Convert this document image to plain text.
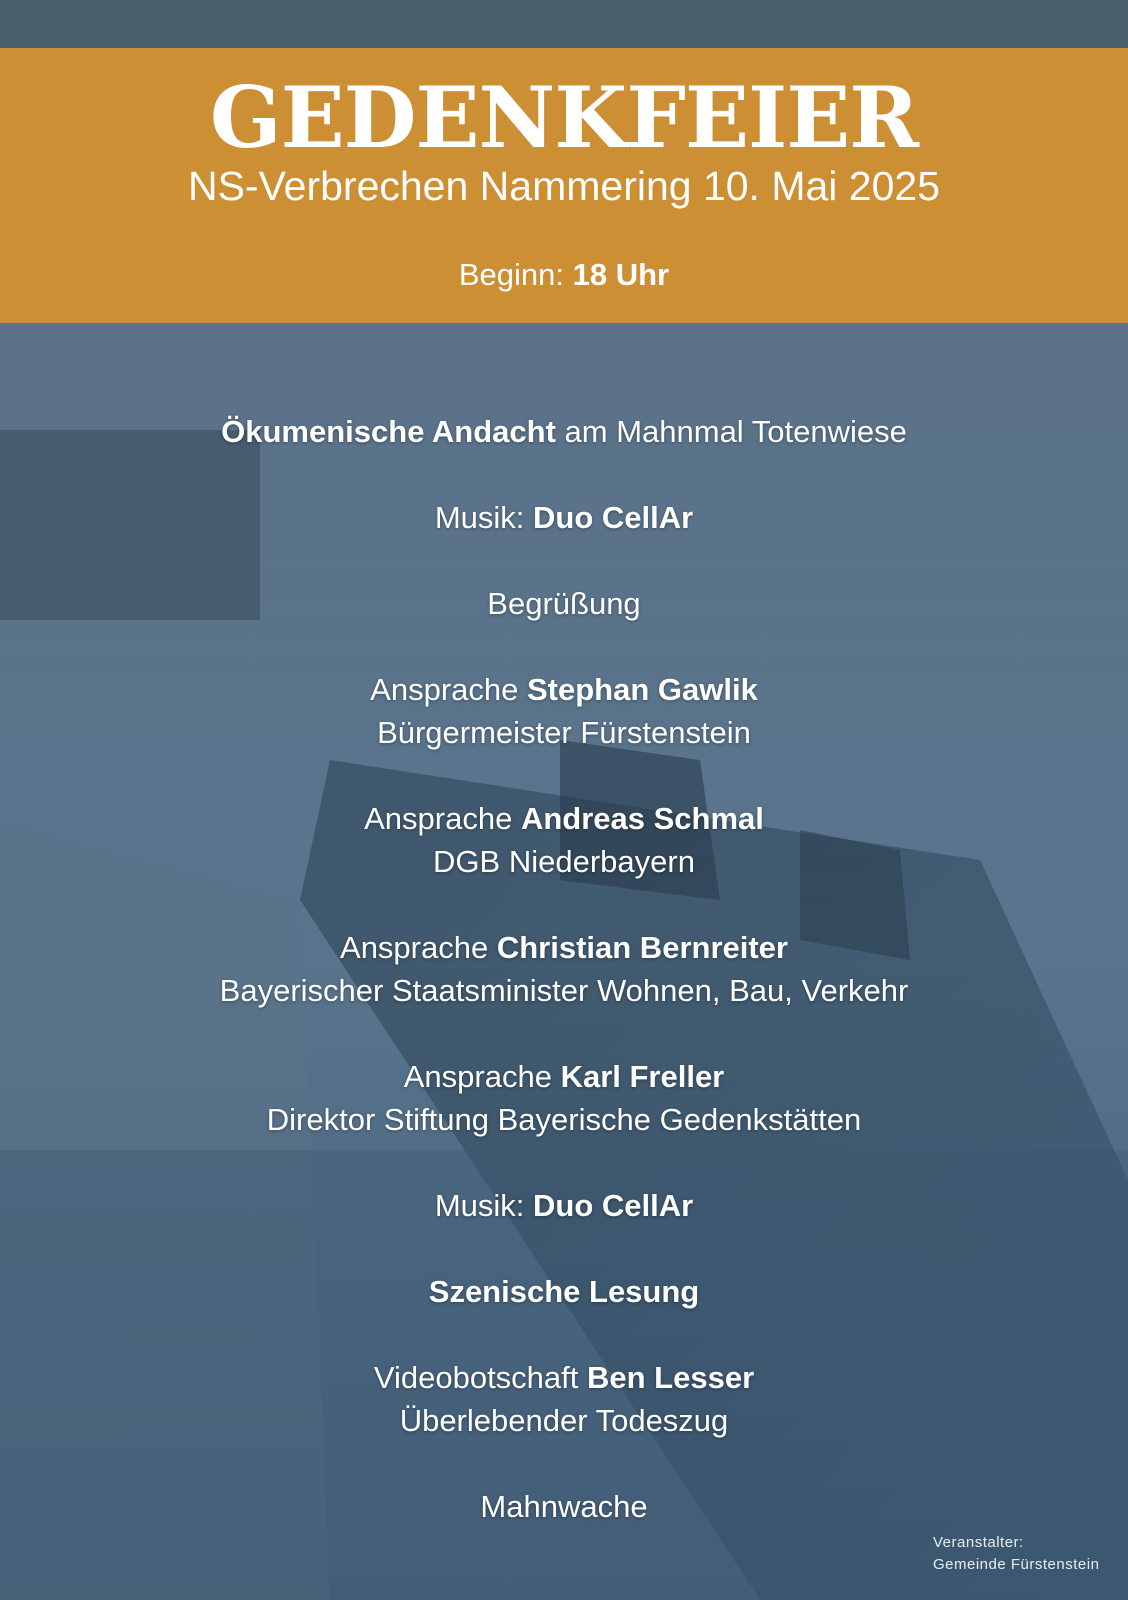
GEDENKFEIER
NS-Verbrechen Nammering 10. Mai 2025
Beginn: 18 Uhr
Ökumenische Andacht am Mahnmal Totenwiese
Musik: Duo CellAr
Begrüßung
Ansprache Stephan Gawlik
Bürgermeister Fürstenstein
Ansprache Andreas Schmal
DGB Niederbayern
Ansprache Christian Bernreiter
Bayerischer Staatsminister Wohnen, Bau, Verkehr
Ansprache Karl Freller
Direktor Stiftung Bayerische Gedenkstätten
Musik: Duo CellAr
Szenische Lesung
Videobotschaft Ben Lesser
Überlebender Todeszug
Mahnwache
Veranstalter:
Gemeinde Fürstenstein
